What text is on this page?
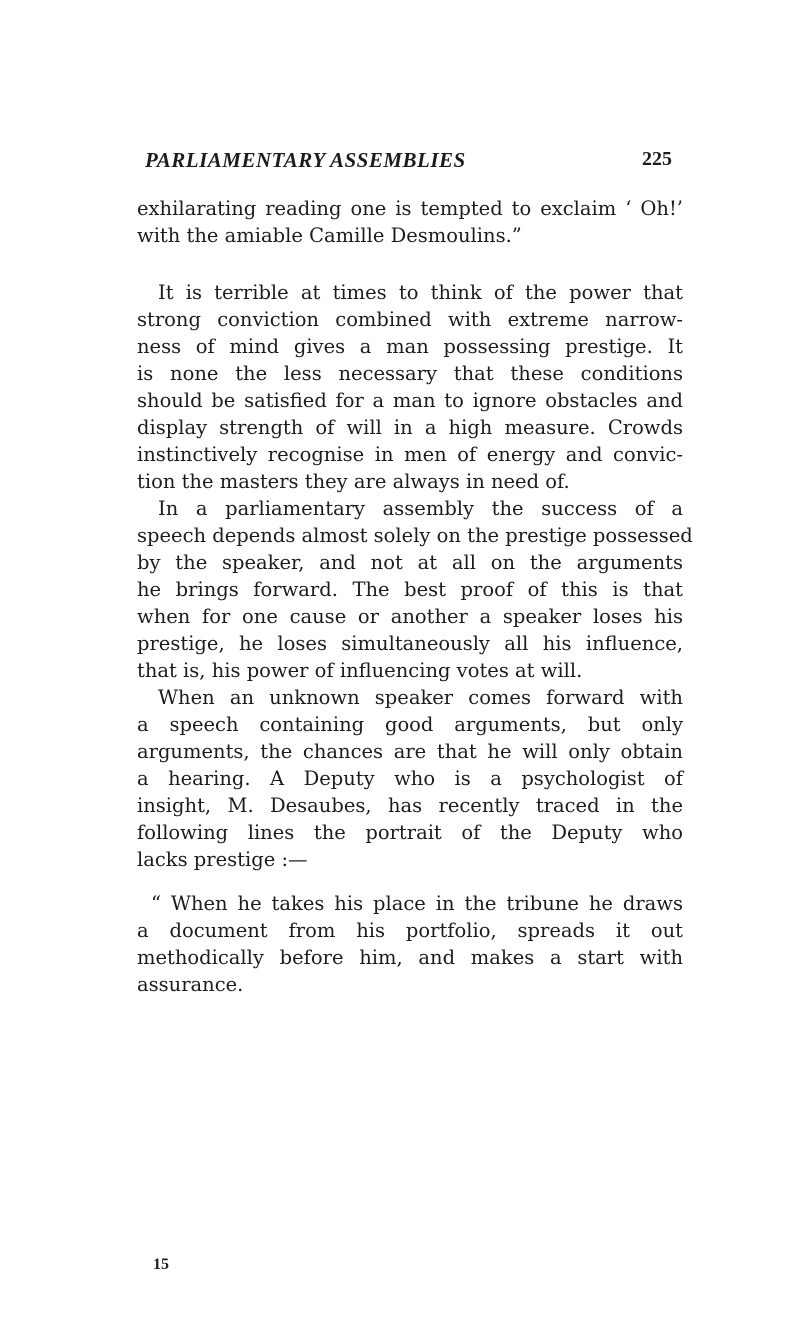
PARLIAMENTARY ASSEMBLIES	225
exhilarating reading one is tempted to exclaim ‘ Oh!’
with the amiable Camille Desmoulins.”
It is terrible at times to think of the power that
strong conviction combined with extreme narrow-
ness of mind gives a man possessing prestige. It
is none the less necessary that these conditions
should be satisfied for a man to ignore obstacles and
display strength of will in a high measure. Crowds
instinctively recognise in men of energy and convic-
tion the masters they are always in need of.
In a parliamentary assembly the success of a
speech depends almost solely on the prestige possessed
by the speaker, and not at all on the arguments
he brings forward. The best proof of this is that
when for one cause or another a speaker loses his
prestige, he loses simultaneously all his influence,
that is, his power of influencing votes at will.
When an unknown speaker comes forward with
a speech containing good arguments, but only
arguments, the chances are that he will only obtain
a hearing. A Deputy who is a psychologist of
insight, M. Desaubes, has recently traced in the
following lines the portrait of the Deputy who
lacks prestige :—
“ When he takes his place in the tribune he draws
a document from his portfolio, spreads it out
methodically before him, and makes a start with
assurance.
15
